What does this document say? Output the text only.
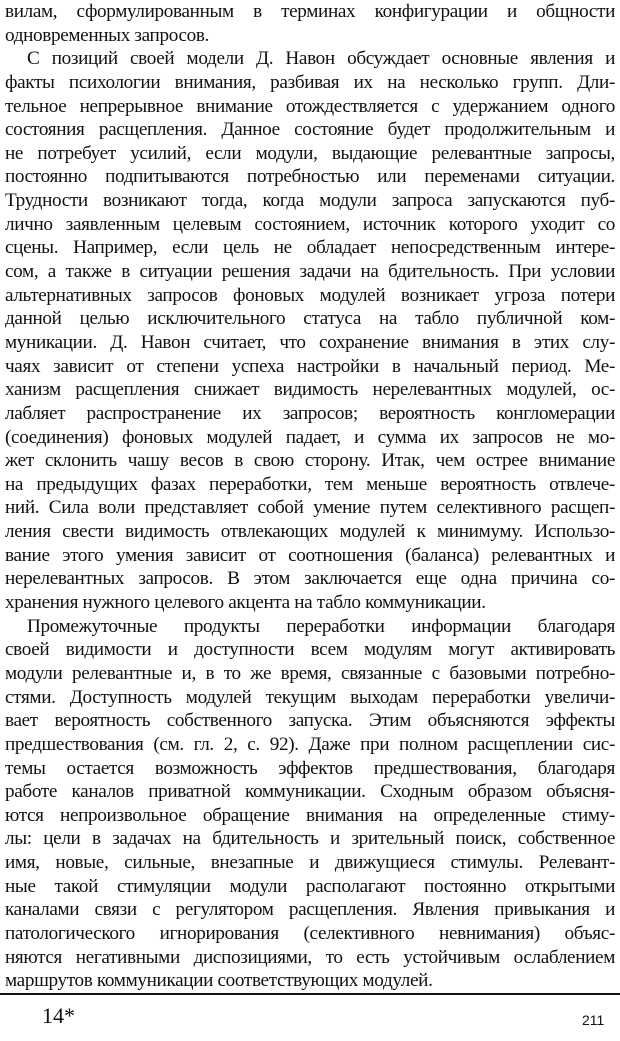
вилам, сформулированным в терминах конфигурации и общности
одновременных запросов.
С позиций своей модели Д. Навон обсуждает основные явления и
факты психологии внимания, разбивая их на несколько групп. Дли-
тельное непрерывное внимание отождествляется с удержанием одного
состояния расщепления. Данное состояние будет продолжительным и
не потребует усилий, если модули, выдающие релевантные запросы,
постоянно подпитываются потребностью или переменами ситуации.
Трудности возникают тогда, когда модули запроса запускаются пуб-
лично заявленным целевым состоянием, источник которого уходит со
сцены. Например, если цель не обладает непосредственным интере-
сом, а также в ситуации решения задачи на бдительность. При условии
альтернативных запросов фоновых модулей возникает угроза потери
данной целью исключительного статуса на табло публичной ком-
муникации. Д. Навон считает, что сохранение внимания в этих слу-
чаях зависит от степени успеха настройки в начальный период. Ме-
ханизм расщепления снижает видимость нерелевантных модулей, ос-
лабляет распространение их запросов; вероятность конгломерации
(соединения) фоновых модулей падает, и сумма их запросов не мо-
жет склонить чашу весов в свою сторону. Итак, чем острее внимание
на предыдущих фазах переработки, тем меньше вероятность отвлече-
ний. Сила воли представляет собой умение путем селективного расщеп-
ления свести видимость отвлекающих модулей к минимуму. Использо-
вание этого умения зависит от соотношения (баланса) релевантных и
нерелевантных запросов. В этом заключается еще одна причина со-
хранения нужного целевого акцента на табло коммуникации.
Промежуточные продукты переработки информации благодаря
своей видимости и доступности всем модулям могут активировать
модули релевантные и, в то же время, связанные с базовыми потребно-
стями. Доступность модулей текущим выходам переработки увеличи-
вает вероятность собственного запуска. Этим объясняются эффекты
предшествования (см. гл. 2, с. 92). Даже при полном расщеплении сис-
темы остается возможность эффектов предшествования, благодаря
работе каналов приватной коммуникации. Сходным образом объясня-
ются непроизвольное обращение внимания на определенные стиму-
лы: цели в задачах на бдительность и зрительный поиск, собственное
имя, новые, сильные, внезапные и движущиеся стимулы. Релевант-
ные такой стимуляции модули располагают постоянно открытыми
каналами связи с регулятором расщепления. Явления привыкания и
патологического игнорирования (селективного невнимания) объяс-
няются негативными диспозициями, то есть устойчивым ослаблением
маршрутов коммуникации соответствующих модулей.
14*	211
